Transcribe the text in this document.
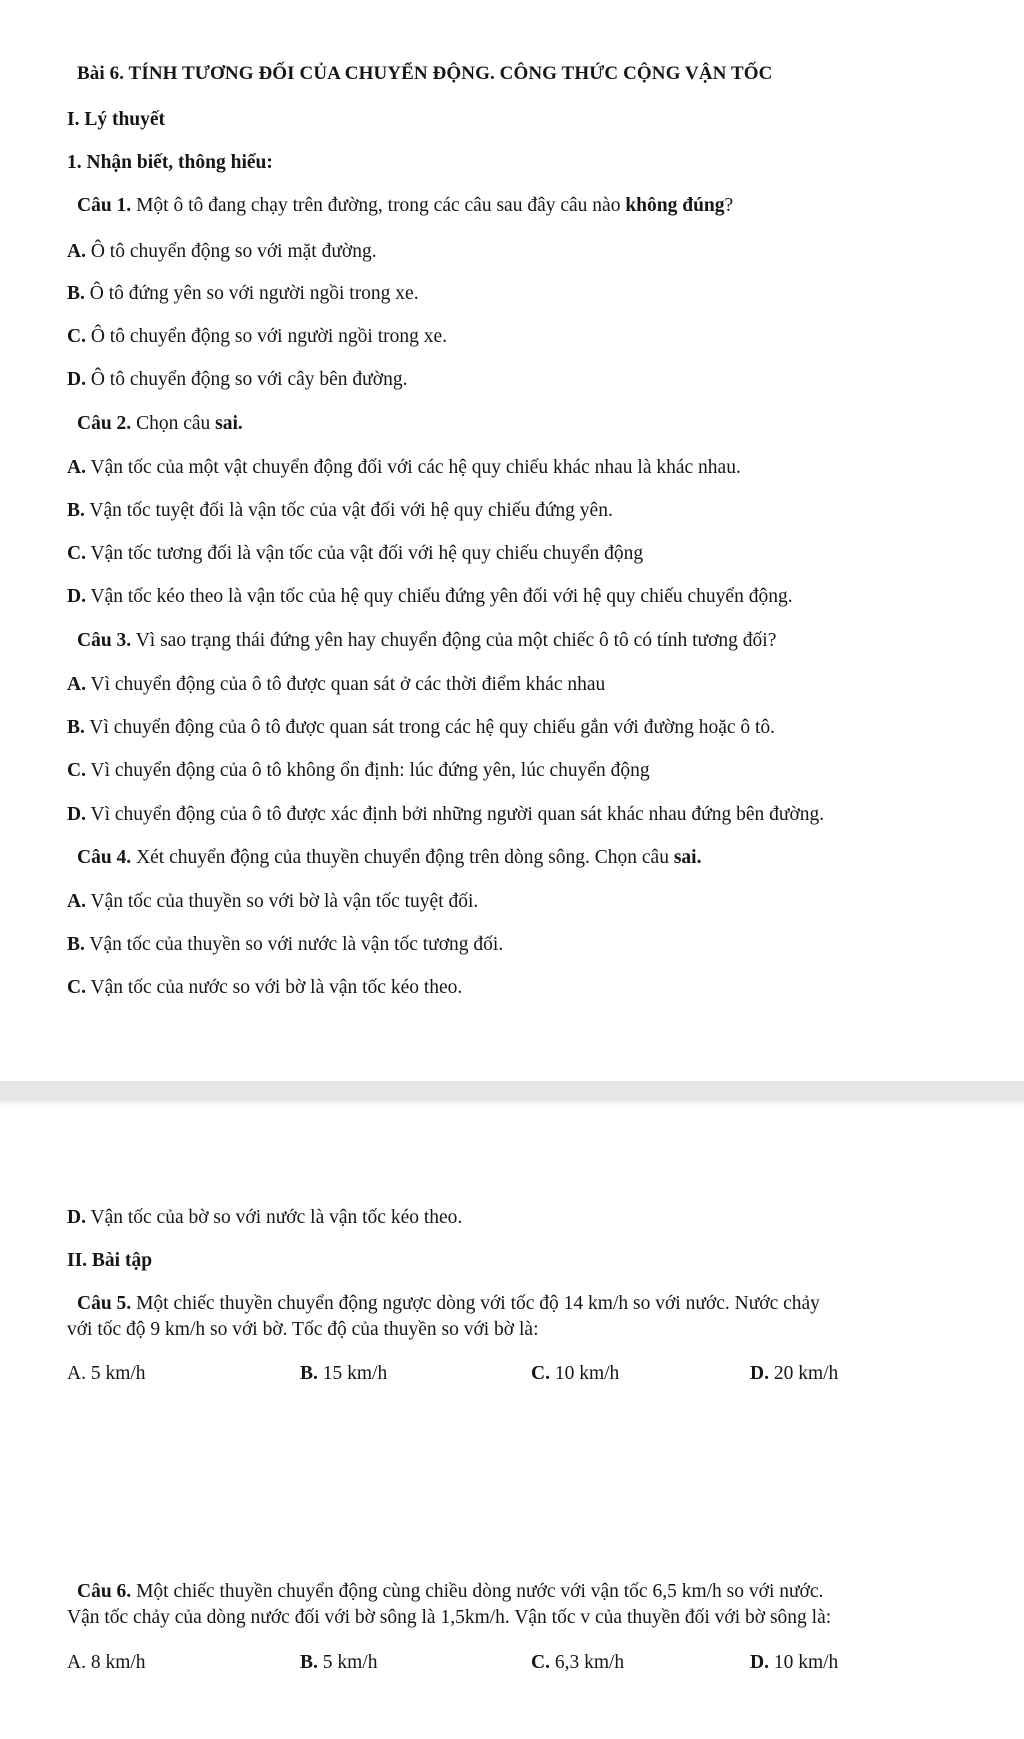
Bài 6. TÍNH TƯƠNG ĐỐI CỦA CHUYỂN ĐỘNG. CÔNG THỨC CỘNG VẬN TỐC
I. Lý thuyết
1. Nhận biết, thông hiểu:
Câu 1. Một ô tô đang chạy trên đường, trong các câu sau đây câu nào không đúng?
A. Ô tô chuyển động so với mặt đường.
B. Ô tô đứng yên so với người ngồi trong xe.
C. Ô tô chuyển động so với người ngồi trong xe.
D. Ô tô chuyển động so với cây bên đường.
Câu 2. Chọn câu sai.
A. Vận tốc của một vật chuyển động đối với các hệ quy chiếu khác nhau là khác nhau.
B. Vận tốc tuyệt đối là vận tốc của vật đối với hệ quy chiếu đứng yên.
C. Vận tốc tương đối là vận tốc của vật đối với hệ quy chiếu chuyển động
D. Vận tốc kéo theo là vận tốc của hệ quy chiếu đứng yên đối với hệ quy chiếu chuyển động.
Câu 3. Vì sao trạng thái đứng yên hay chuyển động của một chiếc ô tô có tính tương đối?
A. Vì chuyển động của ô tô được quan sát ở các thời điểm khác nhau
B. Vì chuyển động của ô tô được quan sát trong các hệ quy chiếu gắn với đường hoặc ô tô.
C. Vì chuyển động của ô tô không ổn định: lúc đứng yên, lúc chuyển động
D. Vì chuyển động của ô tô được xác định bởi những người quan sát khác nhau đứng bên đường.
Câu 4. Xét chuyển động của thuyền chuyển động trên dòng sông. Chọn câu sai.
A. Vận tốc của thuyền so với bờ là vận tốc tuyệt đối.
B. Vận tốc của thuyền so với nước là vận tốc tương đối.
C. Vận tốc của nước so với bờ là vận tốc kéo theo.
D. Vận tốc của bờ so với nước là vận tốc kéo theo.
II. Bài tập
Câu 5. Một chiếc thuyền chuyển động ngược dòng với tốc độ 14 km/h so với nước. Nước chảy
với tốc độ 9 km/h so với bờ. Tốc độ của thuyền so với bờ là:
A. 5 km/h	B. 15 km/h	C. 10 km/h	D. 20 km/h
Câu 6. Một chiếc thuyền chuyển động cùng chiều dòng nước với vận tốc 6,5 km/h so với nước.
Vận tốc chảy của dòng nước đối với bờ sông là 1,5km/h. Vận tốc v của thuyền đối với bờ sông là:
A. 8 km/h	B. 5 km/h	C. 6,3 km/h	D. 10 km/h
